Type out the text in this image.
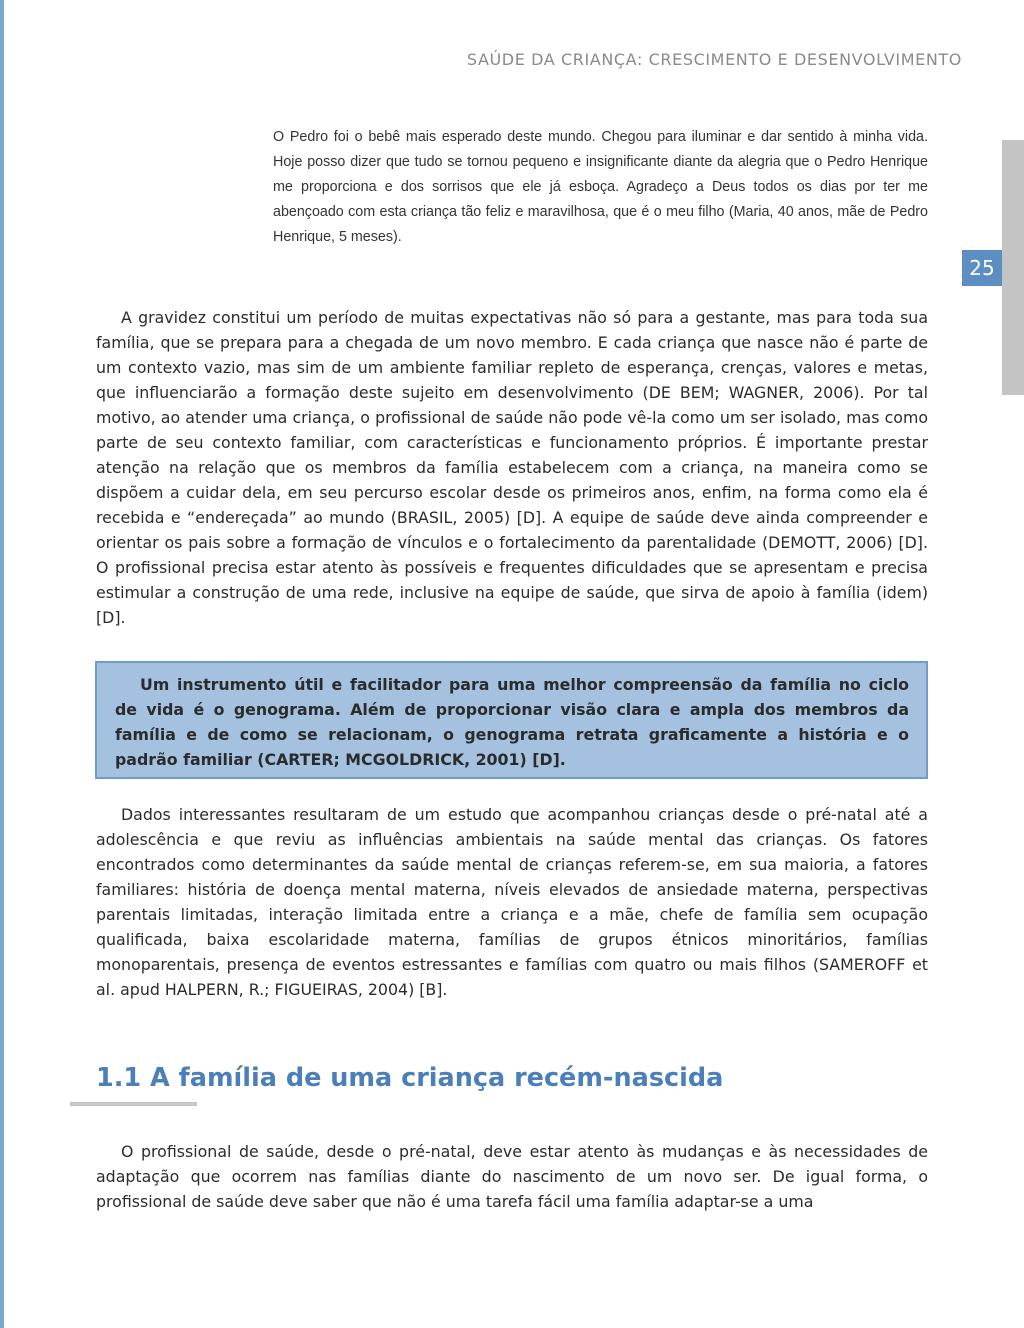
SAÚDE DA CRIANÇA: CRESCIMENTO E DESENVOLVIMENTO
25
O Pedro foi o bebê mais esperado deste mundo. Chegou para iluminar e dar sentido à minha vida. Hoje posso dizer que tudo se tornou pequeno e insignificante diante da alegria que o Pedro Henrique me proporciona e dos sorrisos que ele já esboça. Agradeço a Deus todos os dias por ter me abençoado com esta criança tão feliz e maravilhosa, que é o meu filho (Maria, 40 anos, mãe de Pedro Henrique, 5 meses).
A gravidez constitui um período de muitas expectativas não só para a gestante, mas para toda sua família, que se prepara para a chegada de um novo membro. E cada criança que nasce não é parte de um contexto vazio, mas sim de um ambiente familiar repleto de esperança, crenças, valores e metas, que influenciarão a formação deste sujeito em desenvolvimento (DE BEM; WAGNER, 2006). Por tal motivo, ao atender uma criança, o profissional de saúde não pode vê-la como um ser isolado, mas como parte de seu contexto familiar, com características e funcionamento próprios. É importante prestar atenção na relação que os membros da família estabelecem com a criança, na maneira como se dispõem a cuidar dela, em seu percurso escolar desde os primeiros anos, enfim, na forma como ela é recebida e “endereçada” ao mundo (BRASIL, 2005) [D]. A equipe de saúde deve ainda compreender e orientar os pais sobre a formação de vínculos e o fortalecimento da parentalidade (DEMOTT, 2006) [D]. O profissional precisa estar atento às possíveis e frequentes dificuldades que se apresentam e precisa estimular a construção de uma rede, inclusive na equipe de saúde, que sirva de apoio à família (idem) [D].
Um instrumento útil e facilitador para uma melhor compreensão da família no ciclo de vida é o genograma. Além de proporcionar visão clara e ampla dos membros da família e de como se relacionam, o genograma retrata graficamente a história e o padrão familiar (CARTER; MCGOLDRICK, 2001) [D].
Dados interessantes resultaram de um estudo que acompanhou crianças desde o pré-natal até a adolescência e que reviu as influências ambientais na saúde mental das crianças. Os fatores encontrados como determinantes da saúde mental de crianças referem-se, em sua maioria, a fatores familiares: história de doença mental materna, níveis elevados de ansiedade materna, perspectivas parentais limitadas, interação limitada entre a criança e a mãe, chefe de família sem ocupação qualificada, baixa escolaridade materna, famílias de grupos étnicos minoritários, famílias monoparentais, presença de eventos estressantes e famílias com quatro ou mais filhos (SAMEROFF et al. apud HALPERN, R.; FIGUEIRAS, 2004) [B].
1.1 A família de uma criança recém-nascida
O profissional de saúde, desde o pré-natal, deve estar atento às mudanças e às necessidades de adaptação que ocorrem nas famílias diante do nascimento de um novo ser. De igual forma, o profissional de saúde deve saber que não é uma tarefa fácil uma família adaptar-se a uma
